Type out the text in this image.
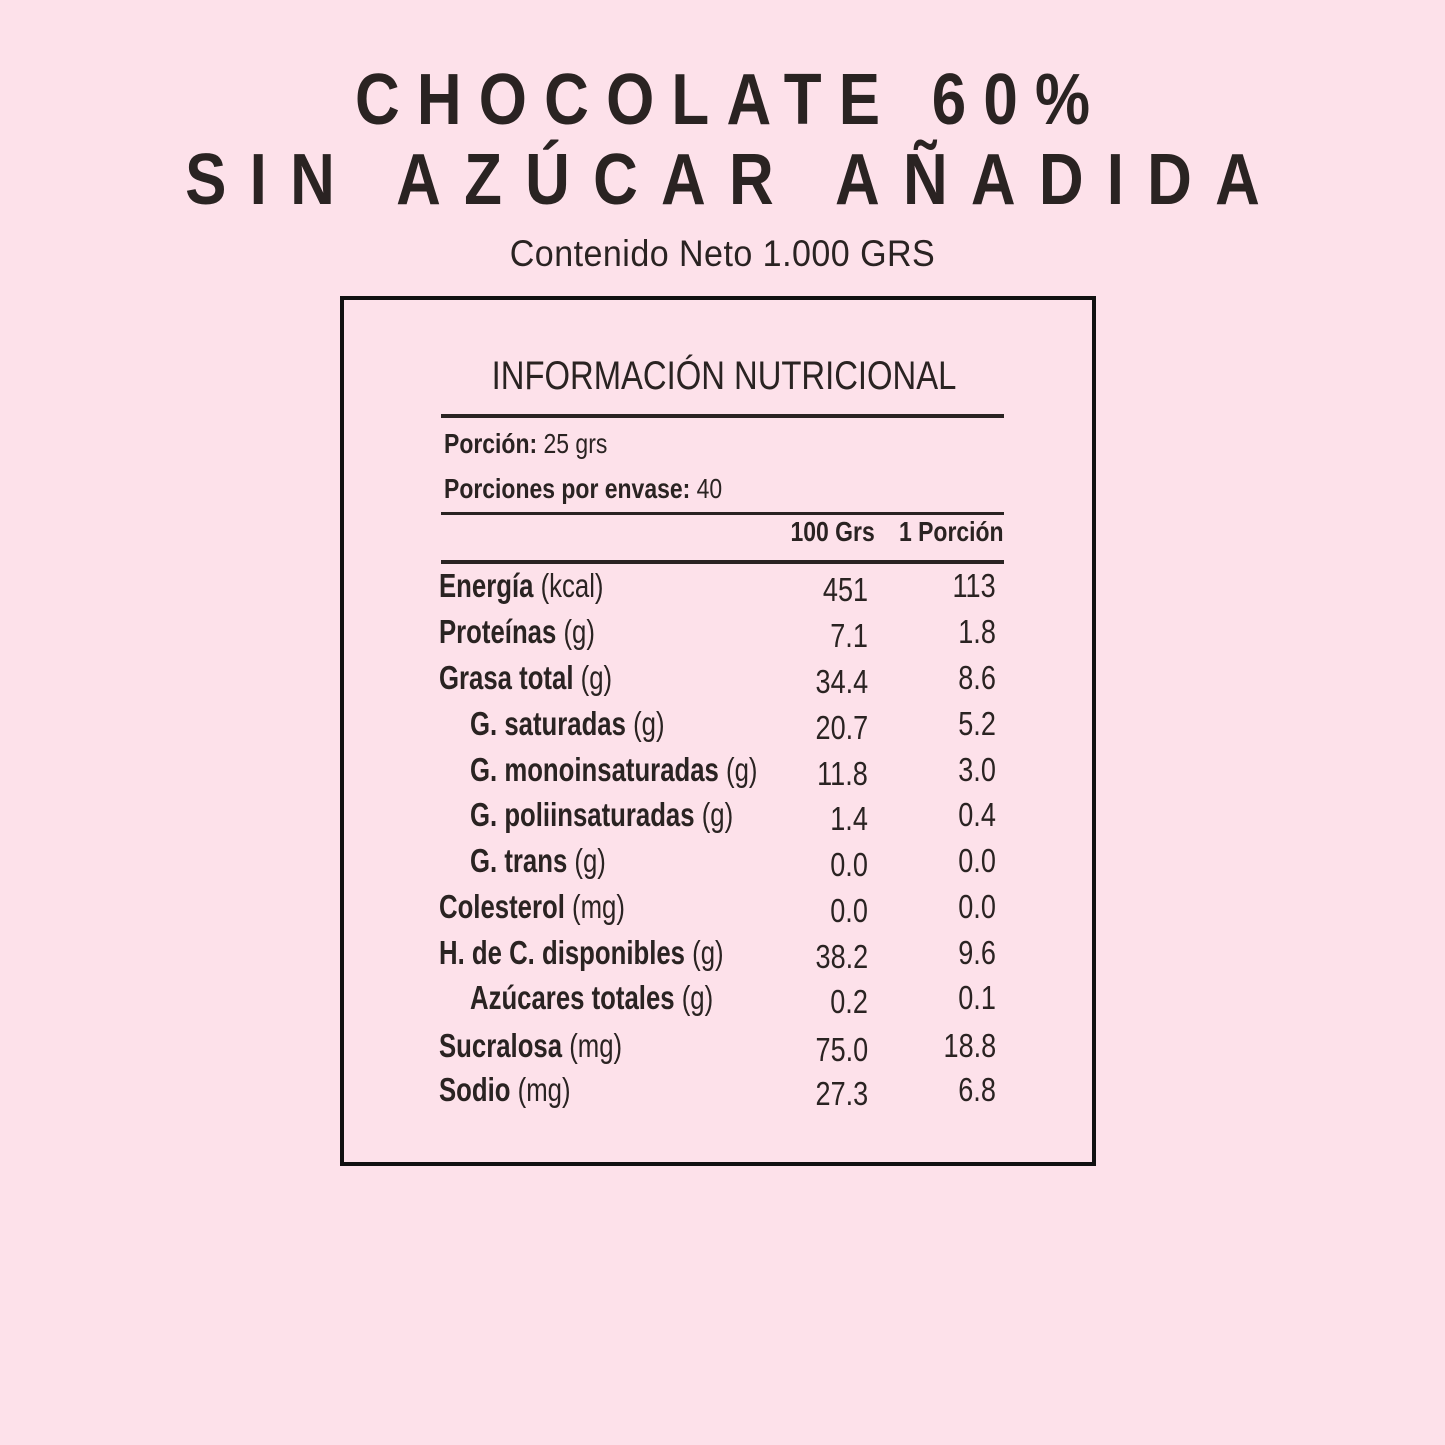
CHOCOLATE 60%
SIN AZÚCAR AÑADIDA
Contenido Neto 1.000 GRS
INFORMACIÓN NUTRICIONAL
Porción: 25 grs
Porciones por envase: 40
100 Grs 1 Porción
Energía (kcal)	451	113
Proteínas (g)	7.1	1.8
Grasa total (g)	34.4	8.6
G. saturadas (g)	20.7	5.2
G. monoinsaturadas (g) 11.8	3.0
G. poliinsaturadas (g)	1.4	0.4
G. trans (g)	0.0	0.0
Colesterol (mg)	0.0	0.0
H. de C. disponibles (g)	38.2	9.6
Azúcares totales (g)	0.2	0.1
Sucralosa (mg)	75.0 18.8
Sodio (mg)	27.3	6.8
